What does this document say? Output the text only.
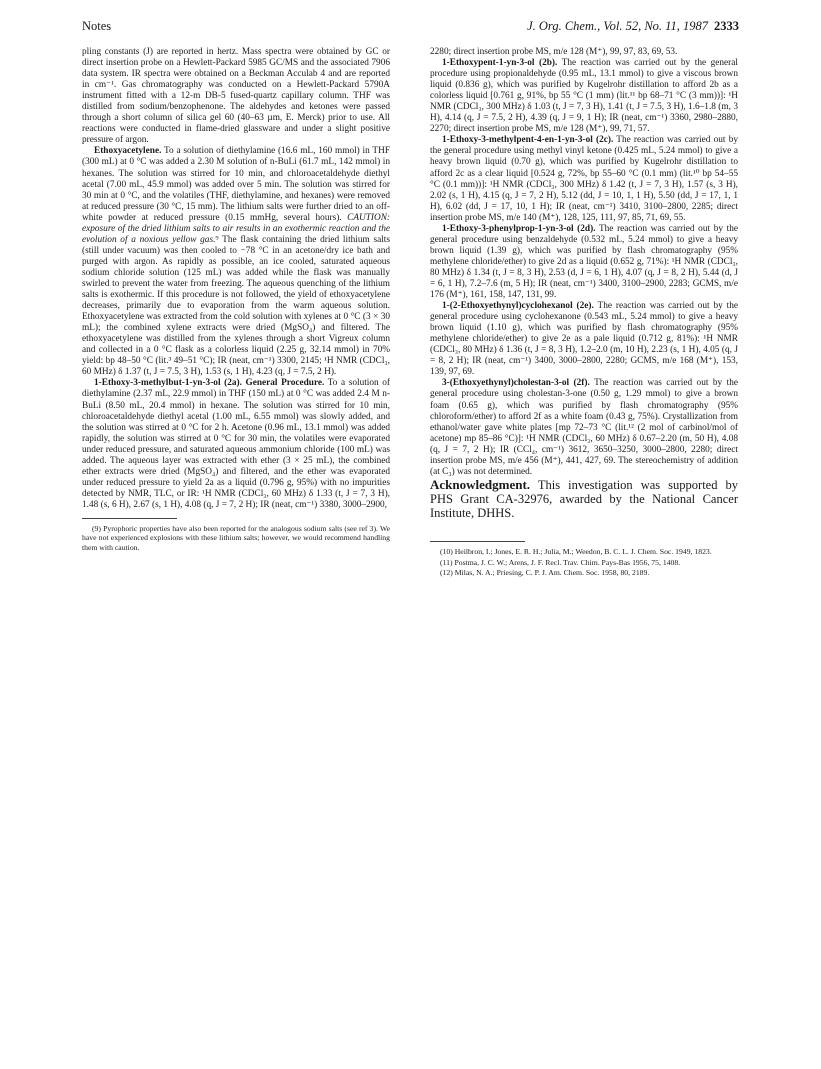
Notes	J. Org. Chem., Vol. 52, No. 11, 1987 2333

pling constants (J) are reported in hertz. Mass spectra were obtained by GC or direct insertion probe on a Hewlett-Packard 5985 GC/MS and the associated 7906 data system. IR spectra were obtained on a Beckman Acculab 4 and are reported in cm⁻¹. Gas chromatography was conducted on a Hewlett-Packard 5790A instrument fitted with a 12-m DB-5 fused-quartz capillary column. THF was distilled from sodium/benzophenone. The aldehydes and ketones were passed through a short column of silica gel 60 (40–63 µm, E. Merck) prior to use. All reactions were conducted in flame-dried glassware and under a slight positive pressure of argon.

Ethoxyacetylene. To a solution of diethylamine (16.6 mL, 160 mmol) in THF (300 mL) at 0 °C was added a 2.30 M solution of n-BuLi (61.7 mL, 142 mmol) in hexanes. The solution was stirred for 10 min, and chloroacetaldehyde diethyl acetal (7.00 mL, 45.9 mmol) was added over 5 min. The solution was stirred for 30 min at 0 °C, and the volatiles (THF, diethylamine, and hexanes) were removed at reduced pressure (30 °C, 15 mm). The lithium salts were further dried to an off-white powder at reduced pressure (0.15 mmHg, several hours). CAUTION: exposure of the dried lithium salts to air results in an exothermic reaction and the evolution of a noxious yellow gas.⁹ The flask containing the dried lithium salts (still under vacuum) was then cooled to −78 °C in an acetone/dry ice bath and purged with argon. As rapidly as possible, an ice cooled, saturated aqueous sodium chloride solution (125 mL) was added while the flask was manually swirled to prevent the water from freezing. The aqueous quenching of the lithium salts is exothermic. If this procedure is not followed, the yield of ethoxyacetylene decreases, primarily due to evaporation from the warm aqueous solution. Ethoxyacetylene was extracted from the cold solution with xylenes at 0 °C (3 × 30 mL); the combined xylene extracts were dried (MgSO₄) and filtered. The ethoxyacetylene was distilled from the xylenes through a short Vigreux column and collected in a 0 °C flask as a colorless liquid (2.25 g, 32.14 mmol) in 70% yield: bp 48–50 °C (lit.³ 49–51 °C); IR (neat, cm⁻¹) 3300, 2145; ¹H NMR (CDCl₃, 60 MHz) δ 1.37 (t, J = 7.5, 3 H), 1.53 (s, 1 H), 4.23 (q, J = 7.5, 2 H).

1-Ethoxy-3-methylbut-1-yn-3-ol (2a). General Procedure. To a solution of diethylamine (2.37 mL, 22.9 mmol) in THF (150 mL) at 0 °C was added 2.4 M n-BuLi (8.50 mL, 20.4 mmol) in hexane. The solution was stirred for 10 min, chloroacetaldehyde diethyl acetal (1.00 mL, 6.55 mmol) was slowly added, and the solution was stirred at 0 °C for 2 h. Acetone (0.96 mL, 13.1 mmol) was added rapidly, the solution was stirred at 0 °C for 30 min, the volatiles were evaporated under reduced pressure, and saturated aqueous ammonium chloride (100 mL) was added. The aqueous layer was extracted with ether (3 × 25 mL), the combined ether extracts were dried (MgSO₄) and filtered, and the ether was evaporated under reduced pressure to yield 2a as a liquid (0.796 g, 95%) with no impurities detected by NMR, TLC, or IR: ¹H NMR (CDCl₃, 60 MHz) δ 1.33 (t, J = 7, 3 H), 1.48 (s, 6 H), 2.67 (s, 1 H), 4.08 (q, J = 7, 2 H); IR (neat, cm⁻¹) 3380, 3000–2900,

(9) Pyrophoric properties have also been reported for the analogous sodium salts (see ref 3). We have not experienced explosions with these lithium salts; however, we would recommend handling them with caution.

2280; direct insertion probe MS, m/e 128 (M⁺), 99, 97, 83, 69, 53.

1-Ethoxypent-1-yn-3-ol (2b). The reaction was carried out by the general procedure using propionaldehyde (0.95 mL, 13.1 mmol) to give a viscous brown liquid (0.836 g), which was purified by Kugelrohr distillation to afford 2b as a colorless liquid [0.761 g, 91%, bp 55 °C (1 mm) (lit.¹¹ bp 68–71 °C (3 mm))]: ¹H NMR (CDCl₃, 300 MHz) δ 1.03 (t, J = 7, 3 H), 1.41 (t, J = 7.5, 3 H), 1.6–1.8 (m, 3 H), 4.14 (q, J = 7.5, 2 H), 4.39 (q, J = 9, 1 H); IR (neat, cm⁻¹) 3360, 2980–2880, 2270; direct insertion probe MS, m/e 128 (M⁺), 99, 71, 57.

1-Ethoxy-3-methylpent-4-en-1-yn-3-ol (2c). The reaction was carried out by the general procedure using methyl vinyl ketone (0.425 mL, 5.24 mmol) to give a heavy brown liquid (0.70 g), which was purified by Kugelrohr distillation to afford 2c as a clear liquid [0.524 g, 72%, bp 55–60 °C (0.1 mm) (lit.¹⁰ bp 54–55 °C (0.1 mm))]: ¹H NMR (CDCl₃, 300 MHz) δ 1.42 (t, J = 7, 3 H), 1.57 (s, 3 H), 2.02 (s, 1 H), 4.15 (q, J = 7, 2 H), 5.12 (dd, J = 10, 1, 1 H), 5.50 (dd, J = 17, 1, 1 H), 6.02 (dd, J = 17, 10, 1 H); IR (neat, cm⁻¹) 3410, 3100–2800, 2285; direct insertion probe MS, m/e 140 (M⁺), 128, 125, 111, 97, 85, 71, 69, 55.

1-Ethoxy-3-phenylprop-1-yn-3-ol (2d). The reaction was carried out by the general procedure using benzaldehyde (0.532 mL, 5.24 mmol) to give a heavy brown liquid (1.39 g), which was purified by flash chromatography (95% methylene chloride/ether) to give 2d as a liquid (0.652 g, 71%): ¹H NMR (CDCl₃, 80 MHz) δ 1.34 (t, J = 8, 3 H), 2.53 (d, J = 6, 1 H), 4.07 (q, J = 8, 2 H), 5.44 (d, J = 6, 1 H), 7.2–7.6 (m, 5 H); IR (neat, cm⁻¹) 3400, 3100–2900, 2283; GCMS, m/e 176 (M⁺), 161, 158, 147, 131, 99.

1-(2-Ethoxyethynyl)cyclohexanol (2e). The reaction was carried out by the general procedure using cyclohexanone (0.543 mL, 5.24 mmol) to give a heavy brown liquid (1.10 g), which was purified by flash chromatography (95% methylene chloride/ether) to give 2e as a pale liquid (0.712 g, 81%): ¹H NMR (CDCl₃, 80 MHz) δ 1.36 (t, J = 8, 3 H), 1.2–2.0 (m, 10 H), 2.23 (s, 1 H), 4.05 (q, J = 8, 2 H); IR (neat, cm⁻¹) 3400, 3000–2800, 2280; GCMS, m/e 168 (M⁺), 153, 139, 97, 69.

3-(Ethoxyethynyl)cholestan-3-ol (2f). The reaction was carried out by the general procedure using cholestan-3-one (0.50 g, 1.29 mmol) to give a brown foam (0.65 g), which was purified by flash chromatography (95% chloroform/ether) to afford 2f as a white foam (0.43 g, 75%). Crystallization from ethanol/water gave white plates [mp 72–73 °C (lit.¹² (2 mol of carbinol/mol of acetone) mp 85–86 °C)]: ¹H NMR (CDCl₃, 60 MHz) δ 0.67–2.20 (m, 50 H), 4.08 (q, J = 7, 2 H); IR (CCl₄, cm⁻¹) 3612, 3650–3250, 3000–2800, 2280; direct insertion probe MS, m/e 456 (M⁺), 441, 427, 69. The stereochemistry of addition (at C₃) was not determined.

Acknowledgment. This investigation was supported by PHS Grant CA-32976, awarded by the National Cancer Institute, DHHS.

(10) Heilbron, I.; Jones, E. R. H.; Julia, M.; Weedon, B. C. L. J. Chem. Soc. 1949, 1823.

(11) Postma, J. C. W.; Arens, J. F. Recl. Trav. Chim. Pays-Bas 1956, 75, 1408.

(12) Milas, N. A.; Priesing, C. P. J. Am. Chem. Soc. 1958, 80, 2189.
